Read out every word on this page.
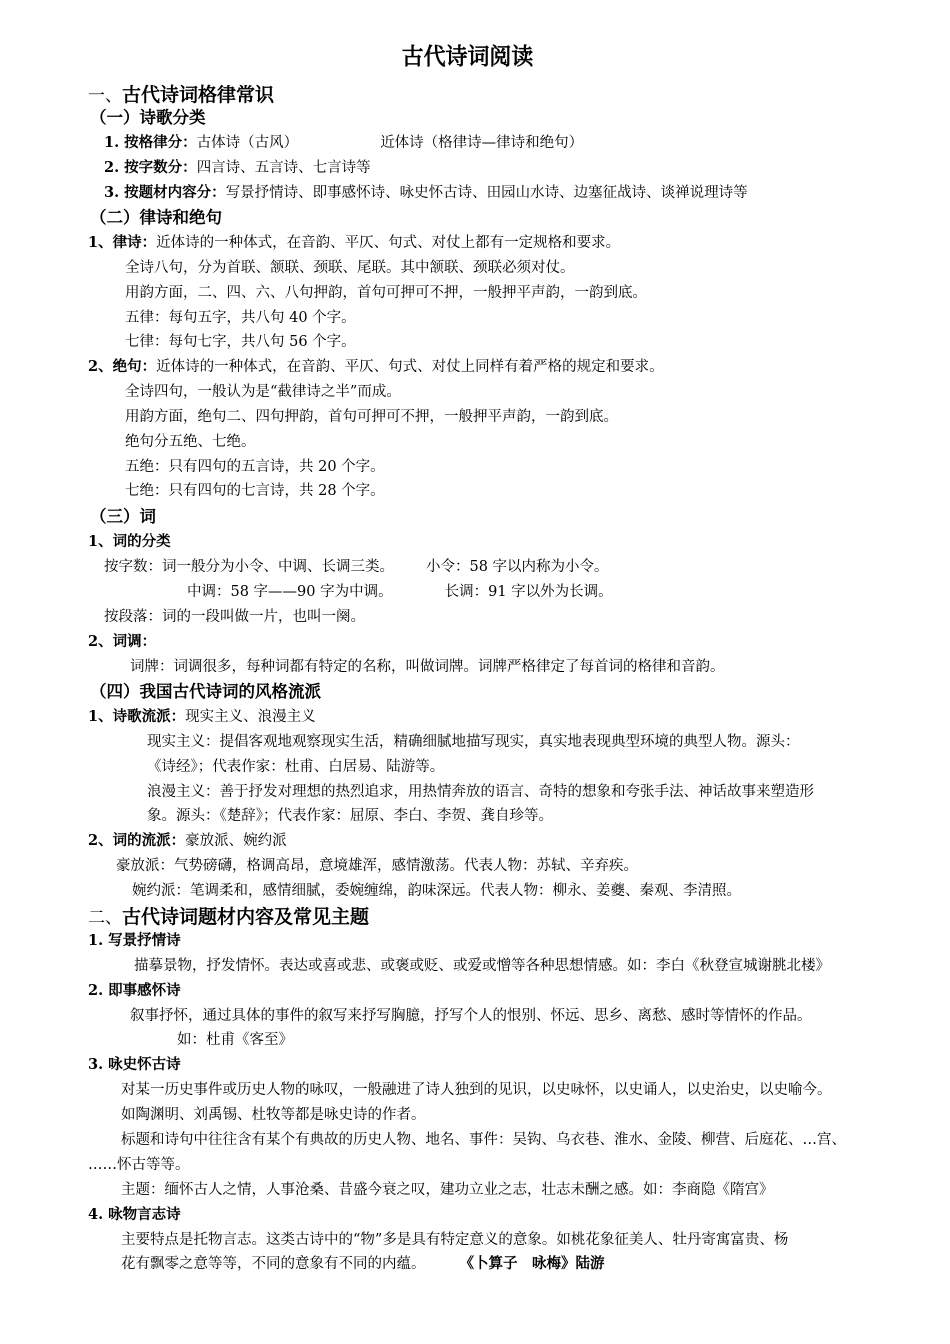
古代诗词阅读
一、古代诗词格律常识
（一）诗歌分类
1. 按格律分：古体诗（古风）	近体诗（格律诗—律诗和绝句）
2. 按字数分：四言诗、五言诗、七言诗等
3. 按题材内容分：写景抒情诗、即事感怀诗、咏史怀古诗、田园山水诗、边塞征战诗、谈禅说理诗等
（二）律诗和绝句
1、律诗：近体诗的一种体式，在音韵、平仄、句式、对仗上都有一定规格和要求。
全诗八句，分为首联、颔联、颈联、尾联。其中颔联、颈联必须对仗。
用韵方面，二、四、六、八句押韵，首句可押可不押，一般押平声韵，一韵到底。
五律：每句五字，共八句 40 个字。
七律：每句七字，共八句 56 个字。
2、绝句：近体诗的一种体式，在音韵、平仄、句式、对仗上同样有着严格的规定和要求。
全诗四句，一般认为是“截律诗之半”而成。
用韵方面，绝句二、四句押韵，首句可押可不押，一般押平声韵，一韵到底。
绝句分五绝、七绝。
五绝：只有四句的五言诗，共 20 个字。
七绝：只有四句的七言诗，共 28 个字。
（三）词
1、词的分类
按字数：词一般分为小令、中调、长调三类。 小令：58 字以内称为小令。
中调：58 字——90 字为中调。	长调：91 字以外为长调。
按段落：词的一段叫做一片，也叫一阕。
2、词调：
词牌：词调很多，每种词都有特定的名称，叫做词牌。词牌严格律定了每首词的格律和音韵。
（四）我国古代诗词的风格流派
1、诗歌流派：现实主义、浪漫主义
现实主义：提倡客观地观察现实生活，精确细腻地描写现实，真实地表现典型环境的典型人物。源头：
《诗经》；代表作家：杜甫、白居易、陆游等。
浪漫主义：善于抒发对理想的热烈追求，用热情奔放的语言、奇特的想象和夸张手法、神话故事来塑造形
象。源头：《楚辞》；代表作家：屈原、李白、李贺、龚自珍等。
2、词的流派：豪放派、婉约派
豪放派：气势磅礴，格调高昂，意境雄浑，感情激荡。代表人物：苏轼、辛弃疾。
婉约派：笔调柔和，感情细腻，委婉缠绵，韵味深远。代表人物：柳永、姜夔、秦观、李清照。
二、古代诗词题材内容及常见主题
1. 写景抒情诗
描摹景物，抒发情怀。表达或喜或悲、或褒或贬、或爱或憎等各种思想情感。如：李白《秋登宣城谢脁北楼》
2. 即事感怀诗
叙事抒怀，通过具体的事件的叙写来抒写胸臆，抒写个人的恨别、怀远、思乡、离愁、感时等情怀的作品。
如：杜甫《客至》
3. 咏史怀古诗
对某一历史事件或历史人物的咏叹，一般融进了诗人独到的见识，以史咏怀，以史诵人，以史治史，以史喻今。
如陶渊明、刘禹锡、杜牧等都是咏史诗的作者。
标题和诗句中往往含有某个有典故的历史人物、地名、事件：吴钩、乌衣巷、淮水、金陵、柳营、后庭花、…宫、
……怀古等等。
主题：缅怀古人之情，人事沧桑、昔盛今衰之叹，建功立业之志，壮志未酬之感。如：李商隐《隋宫》
4. 咏物言志诗
主要特点是托物言志。这类古诗中的“物”多是具有特定意义的意象。如桃花象征美人、牡丹寄寓富贵、杨
花有飘零之意等等，不同的意象有不同的内蕴。 《卜算子　咏梅》陆游
